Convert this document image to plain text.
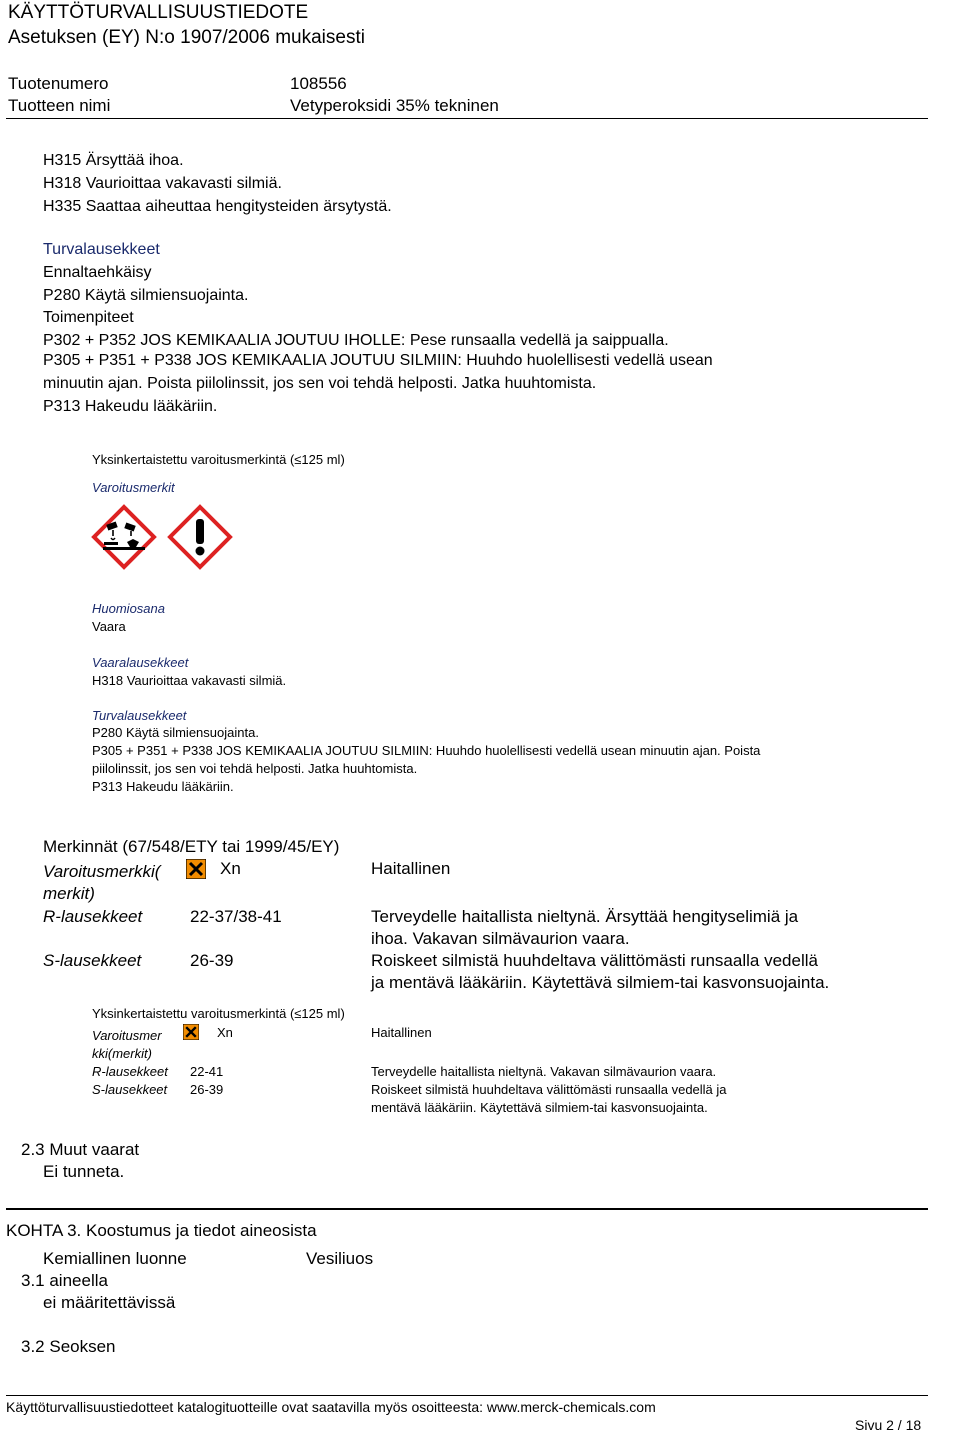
KÄYTTÖTURVALLISUUSTIEDOTE
Asetuksen (EY) N:o 1907/2006 mukaisesti
Tuotenumero	108556
Tuotteen nimi	Vetyperoksidi 35% tekninen
H315 Ärsyttää ihoa.
H318 Vaurioittaa vakavasti silmiä.
H335 Saattaa aiheuttaa hengitysteiden ärsytystä.
Turvalausekkeet
Ennaltaehkäisy
P280 Käytä silmiensuojainta.
Toimenpiteet
P302 + P352 JOS KEMIKAALIA JOUTUU IHOLLE: Pese runsaalla vedellä ja saippualla.
P305 + P351 + P338 JOS KEMIKAALIA JOUTUU SILMIIN: Huuhdo huolellisesti vedellä usean
minuutin ajan. Poista piilolinssit, jos sen voi tehdä helposti. Jatka huuhtomista.
P313 Hakeudu lääkäriin.
Yksinkertaistettu varoitusmerkintä (≤125 ml)
Varoitusmerkit
Huomiosana
Vaara
Vaaralausekkeet
H318 Vaurioittaa vakavasti silmiä.
Turvalausekkeet
P280 Käytä silmiensuojainta.
P305 + P351 + P338 JOS KEMIKAALIA JOUTUU SILMIIN: Huuhdo huolellisesti vedellä usean minuutin ajan. Poista
piilolinssit, jos sen voi tehdä helposti. Jatka huuhtomista.
P313 Hakeudu lääkäriin.
Merkinnät (67/548/ETY tai 1999/45/EY)
Varoitusmerkki(
merkit)
Xn	Haitallinen
R-lausekkeet	22-37/38-41	Terveydelle haitallista nieltynä. Ärsyttää hengityselimiä ja
ihoa. Vakavan silmävaurion vaara.
S-lausekkeet	26-39	Roiskeet silmistä huuhdeltava välittömästi runsaalla vedellä
ja mentävä lääkäriin. Käytettävä silmiem-tai kasvonsuojainta.
Yksinkertaistettu varoitusmerkintä (≤125 ml)
Varoitusmer
kki(merkit)
Xn	Haitallinen
R-lausekkeet 22-41	Terveydelle haitallista nieltynä. Vakavan silmävaurion vaara.
S-lausekkeet 26-39	Roiskeet silmistä huuhdeltava välittömästi runsaalla vedellä ja
mentävä lääkäriin. Käytettävä silmiem-tai kasvonsuojainta.
2.3 Muut vaarat
Ei tunneta.
KOHTA 3. Koostumus ja tiedot aineosista
Kemiallinen luonne	Vesiliuos
3.1 aineella
ei määritettävissä
3.2 Seoksen
Käyttöturvallisuustiedotteet katalogituotteille ovat saatavilla myös osoitteesta: www.merck-chemicals.com
Sivu 2 / 18
